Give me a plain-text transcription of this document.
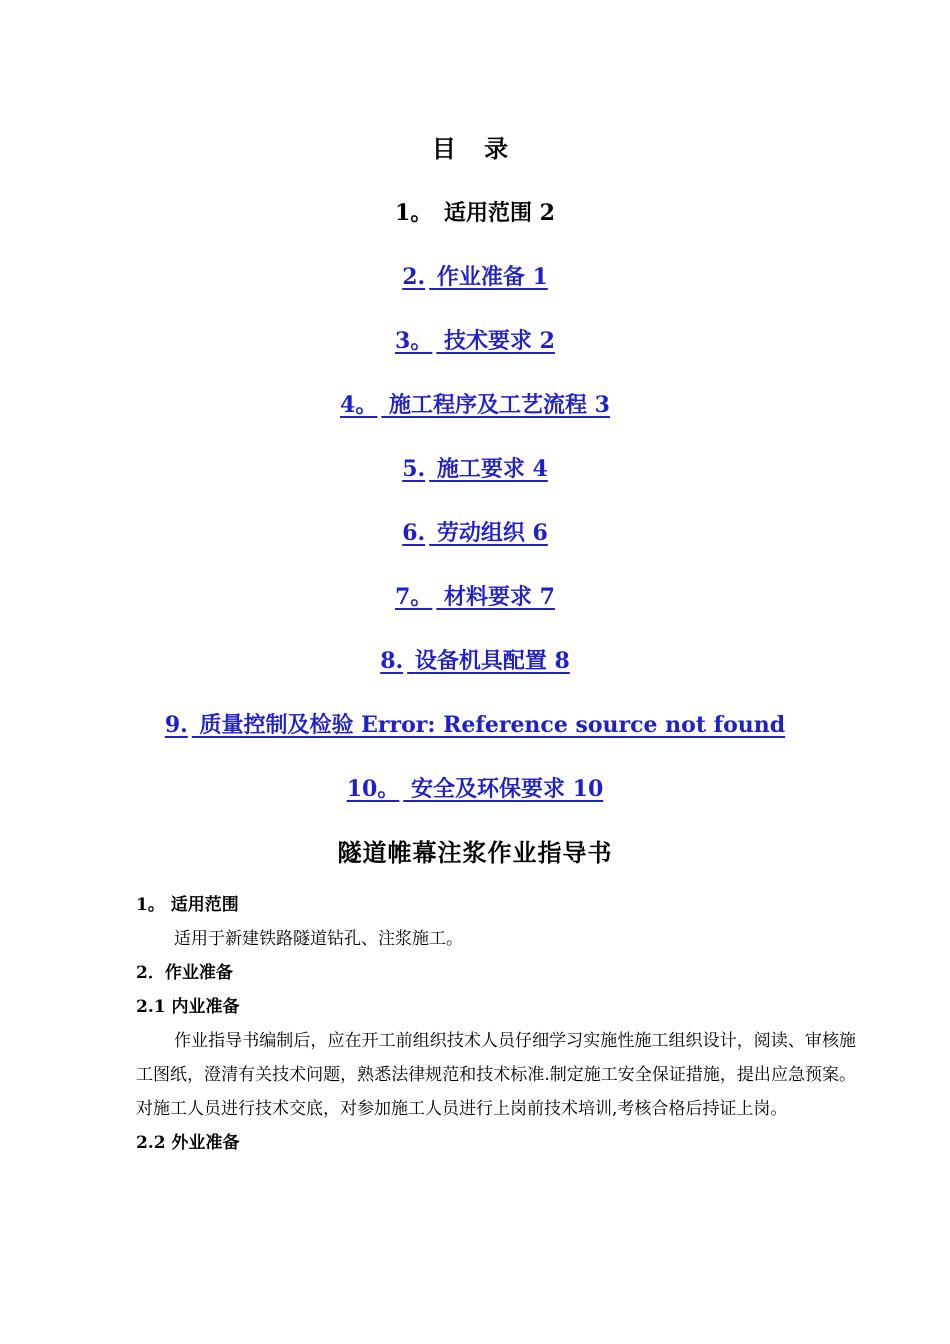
目 录
1。 适用范围 2
2. 作业准备 1
3。 技术要求 2
4。 施工程序及工艺流程 3
5. 施工要求 4
6. 劳动组织 6
7。 材料要求 7
8. 设备机具配置 8
9. 质量控制及检验 Error: Reference source not found
10。 安全及环保要求 10
隧道帷幕注浆作业指导书

1。 适用范围

适用于新建铁路隧道钻孔、注浆施工。

2．作业准备

2.1 内业准备

作业指导书编制后，应在开工前组织技术人员仔细学习实施性施工组织设计，阅读、审核施工图纸，澄清有关技术问题，熟悉法律规范和技术标准.制定施工安全保证措施，提出应急预案。对施工人员进行技术交底，对参加施工人员进行上岗前技术培训,考核合格后持证上岗。

2.2 外业准备
